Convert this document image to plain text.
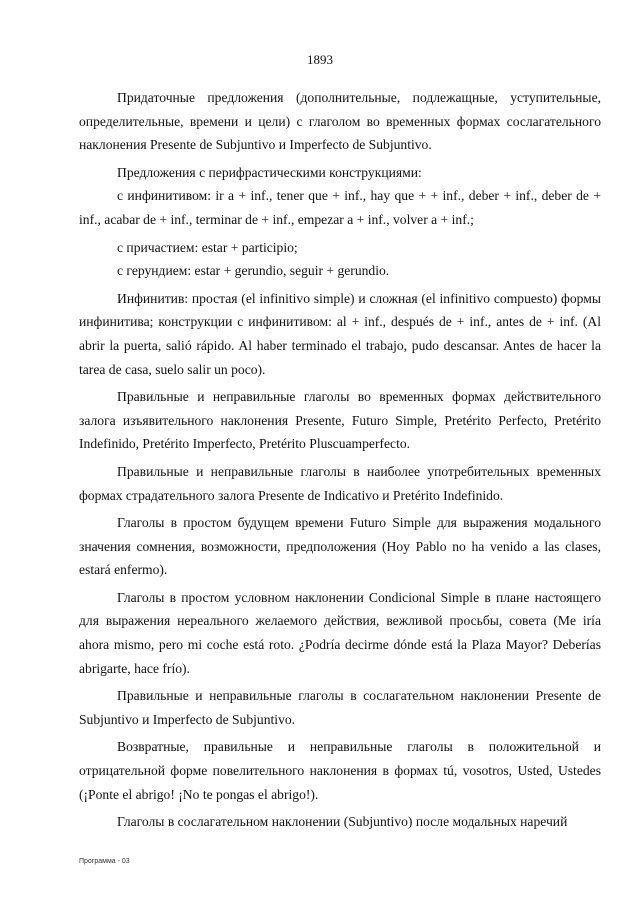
1893

Придаточные предложения (дополнительные, подлежащные, уступительные, определительные, времени и цели) с глаголом во временных формах сослагательного наклонения Presente de Subjuntivo и Imperfecto de Subjuntivo.

Предложения с перифрастическими конструкциями:

с инфинитивом: ir a + inf., tener que + inf., hay que + + inf., deber + inf., deber de + inf., acabar de + inf., terminar de + inf., empezar a + inf., volver a + inf.;

с причастием: estar + participio;

с герундием: estar + gerundio, seguir + gerundio.

Инфинитив: простая (el infinitivo simple) и сложная (el infinitivo compuesto) формы инфинитива; конструкции с инфинитивом: al + inf., después de + inf., antes de + inf. (Al abrir la puerta, salió rápido. Al haber terminado el trabajo, pudo descansar. Antes de hacer la tarea de casa, suelo salir un poco).

Правильные и неправильные глаголы во временных формах действительного залога изъявительного наклонения Presente, Futuro Simple, Pretérito Perfecto, Pretérito Indefinido, Pretérito Imperfecto, Pretérito Pluscuamperfecto.

Правильные и неправильные глаголы в наиболее употребительных временных формах страдательного залога Presente de Indicativo и Pretérito Indefinido.

Глаголы в простом будущем времени Futuro Simple для выражения модального значения сомнения, возможности, предположения (Hoy Pablo no ha venido a las clases, estará enfermo).

Глаголы в простом условном наклонении Condicional Simple в плане настоящего для выражения нереального желаемого действия, вежливой просьбы, совета (Me iría ahora mismo, pero mi coche está roto. ¿Podría decirme dónde está la Plaza Mayor? Deberías abrigarte, hace frío).

Правильные и неправильные глаголы в сослагательном наклонении Presente de Subjuntivo и Imperfecto de Subjuntivo.

Возвратные, правильные и неправильные глаголы в положительной и отрицательной форме повелительного наклонения в формах tú, vosotros, Usted, Ustedes (¡Ponte el abrigo! ¡No te pongas el abrigo!).

Глаголы в сослагательном наклонении (Subjuntivo) после модальных наречий

Программа - 03
